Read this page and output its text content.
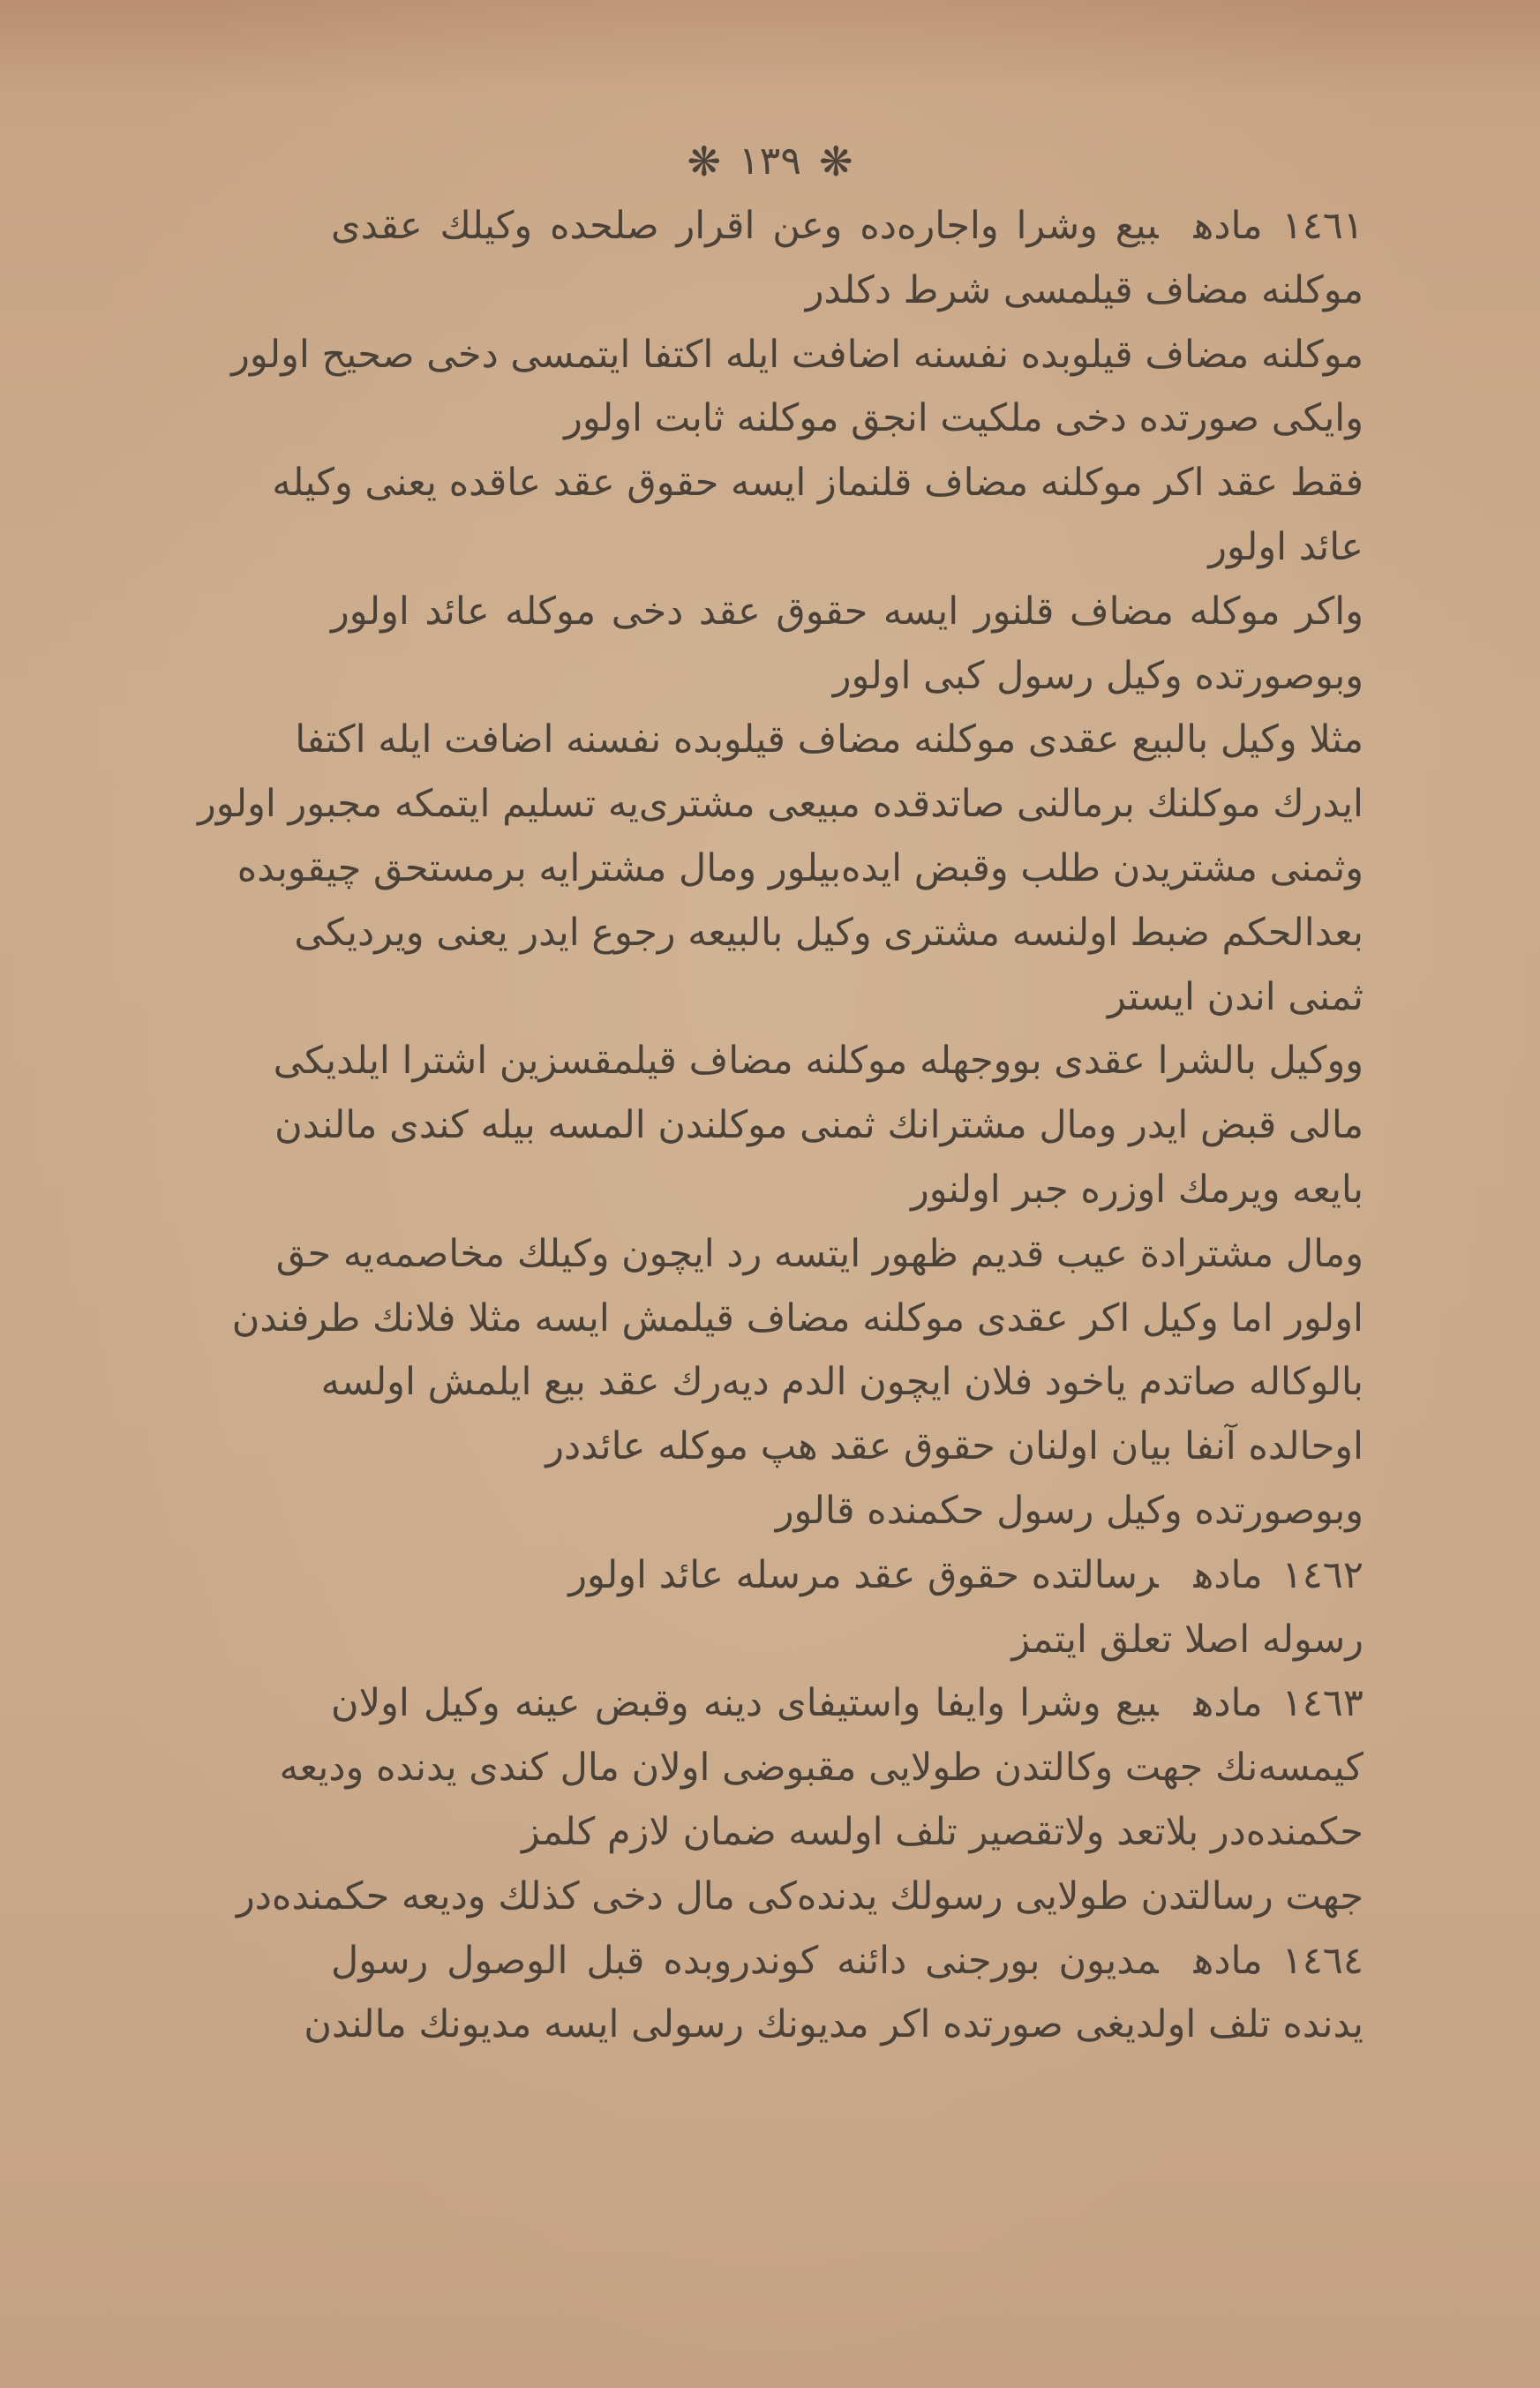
❋ ١٣٩ ❋
١٤٦١مادهبيع وشرا واجاره‌ده وعن اقرار صلحده وكيلك عقدى
موكلنه مضاف قيلمسى شرط دكلدر
موكلنه مضاف قيلوبده نفسنه اضافت ايله اكتفا ايتمسى دخى صحيح اولور
وايكى صورتده دخى ملكيت انجق موكلنه ثابت اولور
فقط عقد اكر موكلنه مضاف قلنماز ايسه حقوق عقد عاقده يعنى وكيله
عائد اولور
واكر موكله مضاف قلنور ايسه حقوق عقد دخى موكله عائد اولور
وبوصورتده وكيل رسول كبى اولور
مثلا وكيل بالبيع عقدى موكلنه مضاف قيلوبده نفسنه اضافت ايله اكتفا
ايدرك موكلنك برمالنى صاتدقده مبيعى مشترى‌يه تسليم ايتمكه مجبور اولور
وثمنى مشتريدن طلب وقبض ايده‌بيلور ومال مشترايه برمستحق چيقوبده
بعدالحكم ضبط اولنسه مشترى وكيل بالبيعه رجوع ايدر يعنى ويرديكى
ثمنى اندن ايستر
ووكيل بالشرا عقدى بووجهله موكلنه مضاف قيلمقسزين اشترا ايلديكى
مالى قبض ايدر ومال مشترانك ثمنى موكلندن المسه بيله كندى مالندن
بايعه ويرمك اوزره جبر اولنور
ومال مشترادة عيب قديم ظهور ايتسه رد ايچون وكيلك مخاصمه‌يه حق
اولور اما وكيل اكر عقدى موكلنه مضاف قيلمش ايسه مثلا فلانك طرفندن
بالوكاله صاتدم ياخود فلان ايچون الدم ديه‌رك عقد بيع ايلمش اولسه
اوحالده آنفا بيان اولنان حقوق عقد هپ موكله عائددر
وبوصورتده وكيل رسول حكمنده قالور
١٤٦٢مادهرسالتده حقوق عقد مرسله عائد اولور
رسوله اصلا تعلق ايتمز
١٤٦٣مادهبيع وشرا وايفا واستيفاى دينه وقبض عينه وكيل اولان
كيمسه‌نك جهت وكالتدن طولايى مقبوضى اولان مال كندى يدنده وديعه
حكمنده‌در بلاتعد ولاتقصير تلف اولسه ضمان لازم كلمز
جهت رسالتدن طولايى رسولك يدنده‌كى مال دخى كذلك وديعه حكمنده‌در
١٤٦٤مادهمديون بورجنى دائنه كوندروبده قبل الوصول رسول
يدنده تلف اولديغى صورتده اكر مديونك رسولى ايسه مديونك مالندن
